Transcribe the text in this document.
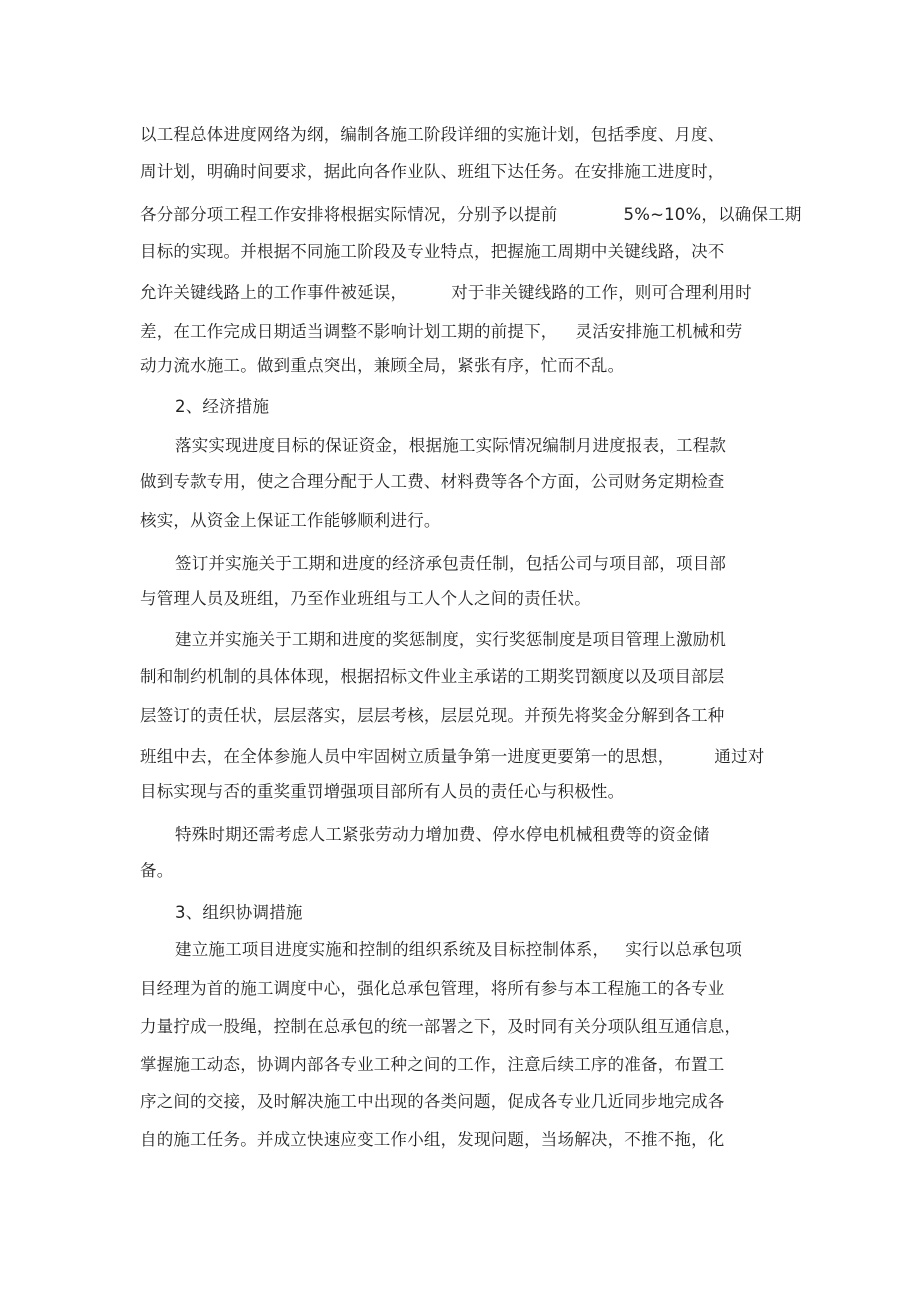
以工程总体进度网络为纲，编制各施工阶段详细的实施计划，包括季度、月度、
周计划，明确时间要求，据此向各作业队、班组下达任务。在安排施工进度时，
各分部分项工程工作安排将根据实际情况，分别予以提前	5%~10%，以确保工期
目标的实现。并根据不同施工阶段及专业特点，把握施工周期中关键线路，决不
允许关键线路上的工作事件被延误，	对于非关键线路的工作，则可合理利用时
差，在工作完成日期适当调整不影响计划工期的前提下， 灵活安排施工机械和劳
动力流水施工。做到重点突出，兼顾全局，紧张有序，忙而不乱。
2、经济措施
落实实现进度目标的保证资金，根据施工实际情况编制月进度报表，工程款
做到专款专用，使之合理分配于人工费、材料费等各个方面，公司财务定期检查
核实，从资金上保证工作能够顺利进行。
签订并实施关于工期和进度的经济承包责任制，包括公司与项目部，项目部
与管理人员及班组，乃至作业班组与工人个人之间的责任状。
建立并实施关于工期和进度的奖惩制度，实行奖惩制度是项目管理上激励机
制和制约机制的具体体现，根据招标文件业主承诺的工期奖罚额度以及项目部层
层签订的责任状，层层落实，层层考核，层层兑现。并预先将奖金分解到各工种
班组中去，在全体参施人员中牢固树立质量争第一进度更要第一的思想， 通过对
目标实现与否的重奖重罚增强项目部所有人员的责任心与积极性。
特殊时期还需考虑人工紧张劳动力增加费、停水停电机械租费等的资金储
备。
3、组织协调措施
建立施工项目进度实施和控制的组织系统及目标控制体系， 实行以总承包项
目经理为首的施工调度中心，强化总承包管理，将所有参与本工程施工的各专业
力量拧成一股绳，控制在总承包的统一部署之下，及时同有关分项队组互通信息，
掌握施工动态，协调内部各专业工种之间的工作，注意后续工序的准备，布置工
序之间的交接，及时解决施工中出现的各类问题，促成各专业几近同步地完成各
自的施工任务。并成立快速应变工作小组，发现问题，当场解决，不推不拖，化
